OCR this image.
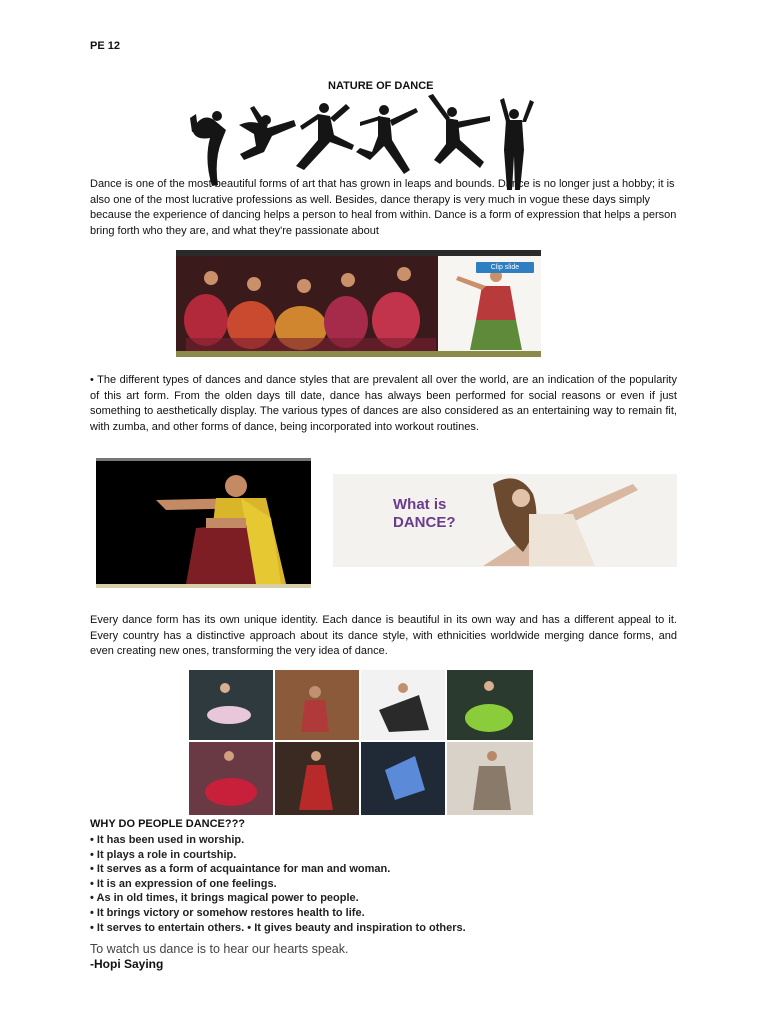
PE 12
NATURE OF DANCE

Dance is one of the most beautiful forms of art that has grown in leaps and bounds. Dance is no longer just a hobby; it is also one of the most lucrative professions as well. Besides, dance therapy is very much in vogue these days simply because the experience of dancing helps a person to heal from within. Dance is a form of expression that helps a person bring forth who they are, and what they're passionate about

Clip slide

• The different types of dances and dance styles that are prevalent all over the world, are an indication of the popularity of this art form. From the olden days till date, dance has always been performed for social reasons or even if just something to aesthetically display. The various types of dances are also considered as an entertaining way to remain fit, with zumba, and other forms of dance, being incorporated into workout routines.

What is
DANCE?

Every dance form has its own unique identity. Each dance is beautiful in its own way and has a different appeal to it. Every country has a distinctive approach about its dance style, with ethnicities worldwide merging dance forms, and even creating new ones, transforming the very idea of dance.

WHY DO PEOPLE DANCE???
• It has been used in worship.
• It plays a role in courtship.
• It serves as a form of acquaintance for man and woman.
• It is an expression of one feelings.
• As in old times, it brings magical power to people.
• It brings victory or somehow restores health to life.
• It serves to entertain others. • It gives beauty and inspiration to others.
To watch us dance is to hear our hearts speak.
-Hopi Saying
